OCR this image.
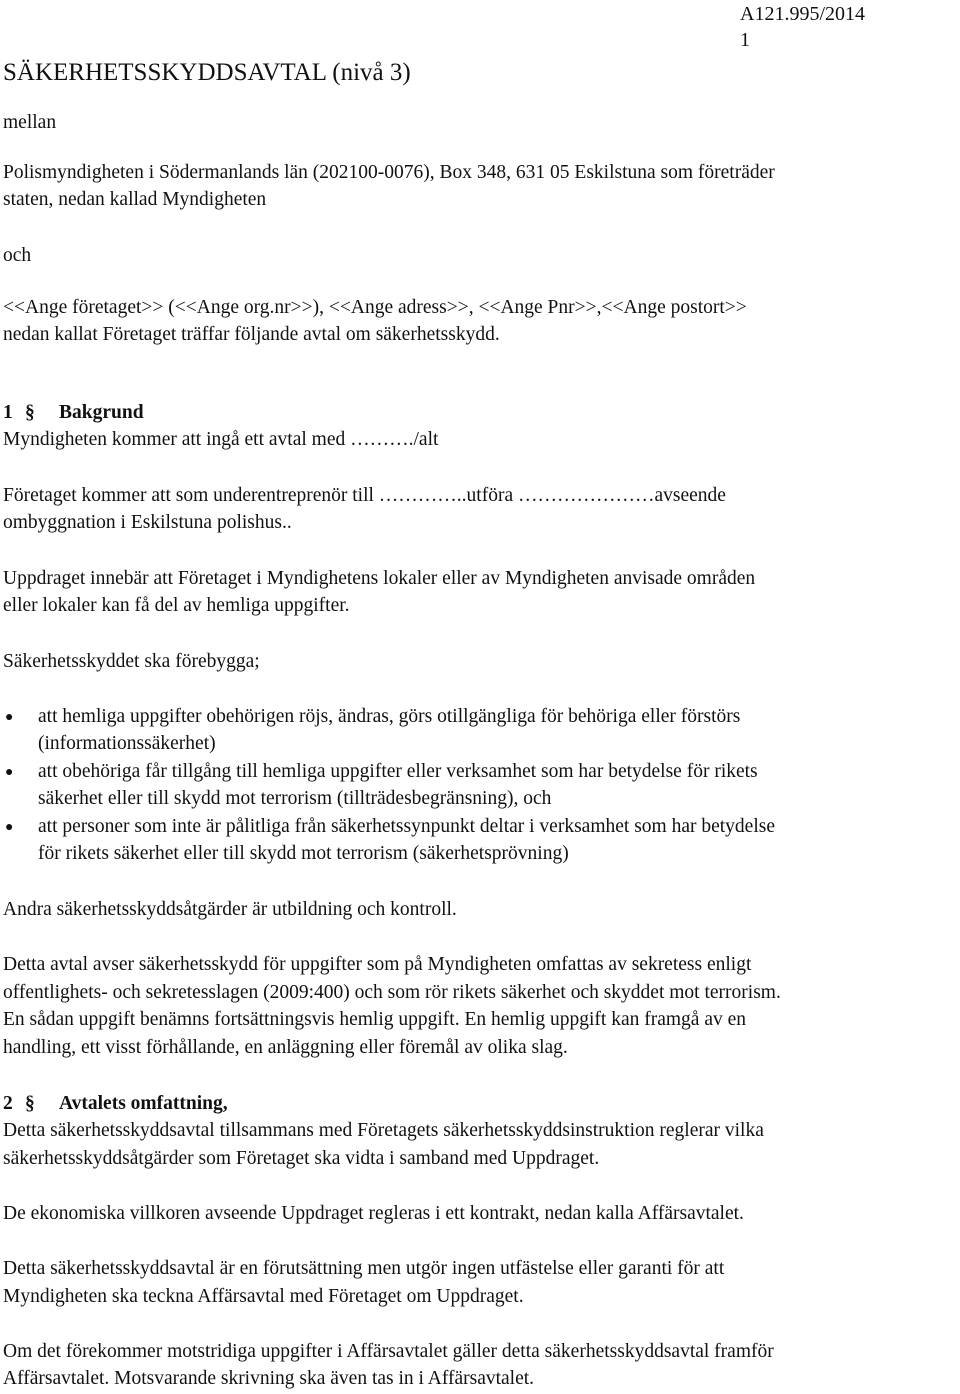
A121.995/2014
1
SÄKERHETSSKYDDSAVTAL (nivå 3)
mellan
Polismyndigheten i Södermanlands län (202100-0076), Box 348, 631 05 Eskilstuna som företräder
staten, nedan kallad Myndigheten
och
<<Ange företaget>> (<<Ange org.nr>>), <<Ange adress>>, <<Ange Pnr>>,<<Ange postort>>
nedan kallat Företaget träffar följande avtal om säkerhetsskydd.
1 § Bakgrund
Myndigheten kommer att ingå ett avtal med ………./alt
Företaget kommer att som underentreprenör till …………..utföra …………………avseende
ombyggnation i Eskilstuna polishus..
Uppdraget innebär att Företaget i Myndighetens lokaler eller av Myndigheten anvisade områden
eller lokaler kan få del av hemliga uppgifter.
Säkerhetsskyddet ska förebygga;
● att hemliga uppgifter obehörigen röjs, ändras, görs otillgängliga för behöriga eller förstörs
(informationssäkerhet)
● att obehöriga får tillgång till hemliga uppgifter eller verksamhet som har betydelse för rikets
säkerhet eller till skydd mot terrorism (tillträdesbegränsning), och
● att personer som inte är pålitliga från säkerhetssynpunkt deltar i verksamhet som har betydelse
för rikets säkerhet eller till skydd mot terrorism (säkerhetsprövning)
Andra säkerhetsskyddsåtgärder är utbildning och kontroll.
Detta avtal avser säkerhetsskydd för uppgifter som på Myndigheten omfattas av sekretess enligt
offentlighets- och sekretesslagen (2009:400) och som rör rikets säkerhet och skyddet mot terrorism.
En sådan uppgift benämns fortsättningsvis hemlig uppgift. En hemlig uppgift kan framgå av en
handling, ett visst förhållande, en anläggning eller föremål av olika slag.
2 § Avtalets omfattning,
Detta säkerhetsskyddsavtal tillsammans med Företagets säkerhetsskyddsinstruktion reglerar vilka
säkerhetsskyddsåtgärder som Företaget ska vidta i samband med Uppdraget.
De ekonomiska villkoren avseende Uppdraget regleras i ett kontrakt, nedan kalla Affärsavtalet.
Detta säkerhetsskyddsavtal är en förutsättning men utgör ingen utfästelse eller garanti för att
Myndigheten ska teckna Affärsavtal med Företaget om Uppdraget.
Om det förekommer motstridiga uppgifter i Affärsavtalet gäller detta säkerhetsskyddsavtal framför
Affärsavtalet. Motsvarande skrivning ska även tas in i Affärsavtalet.
